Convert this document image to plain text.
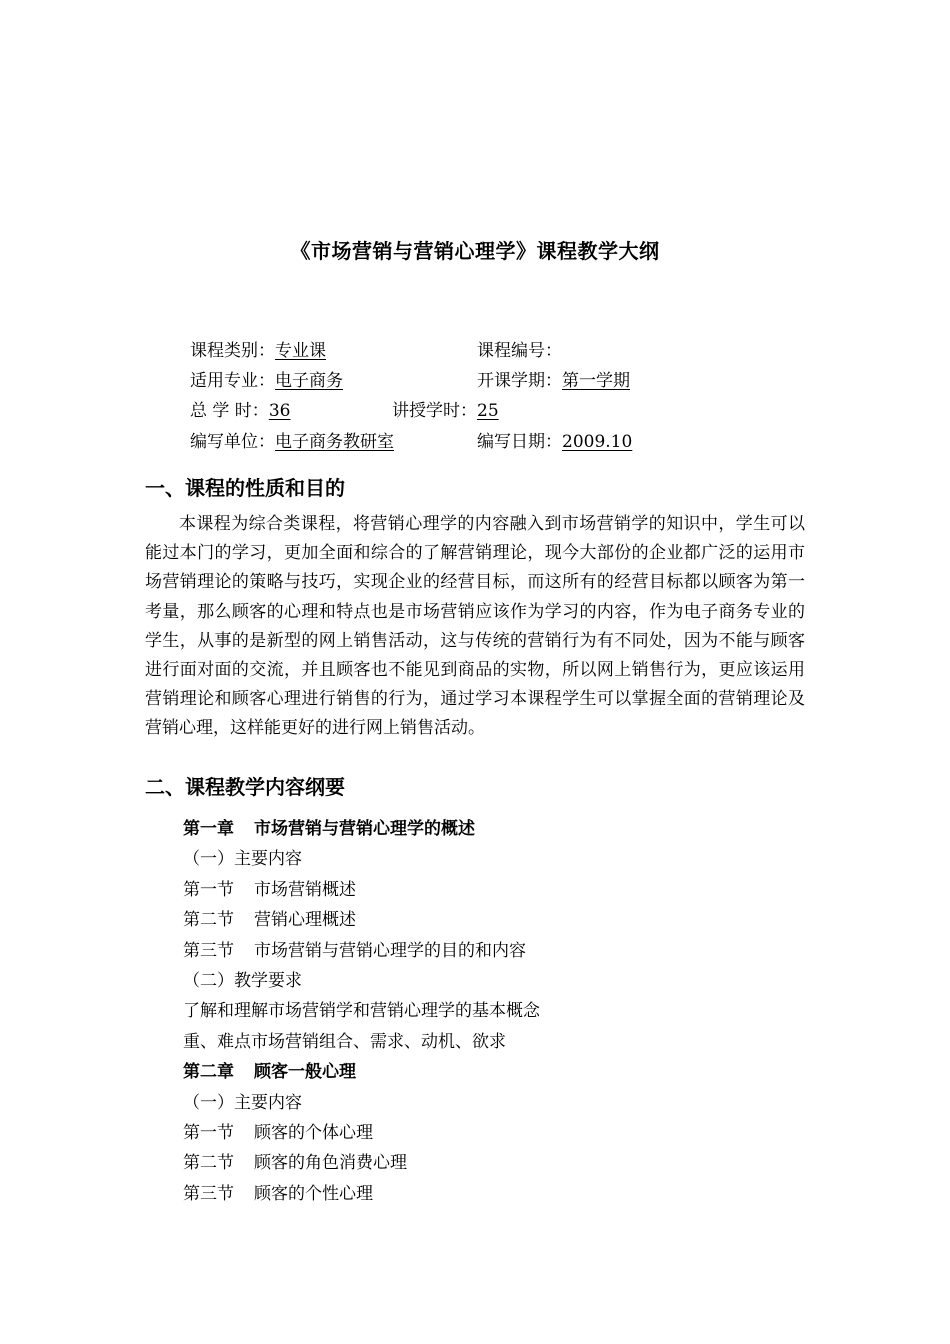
《市场营销与营销心理学》课程教学大纲
课程类别：专业课	课程编号：
适用专业：电子商务	开课学期：第一学期
总 学 时：36	讲授学时：25
编写单位：电子商务教研室	编写日期：2009.10
一、课程的性质和目的
本课程为综合类课程，将营销心理学的内容融入到市场营销学的知识中，学生可以能过本门的学习，更加全面和综合的了解营销理论，现今大部份的企业都广泛的运用市场营销理论的策略与技巧，实现企业的经营目标，而这所有的经营目标都以顾客为第一考量，那么顾客的心理和特点也是市场营销应该作为学习的内容，作为电子商务专业的学生，从事的是新型的网上销售活动，这与传统的营销行为有不同处，因为不能与顾客进行面对面的交流，并且顾客也不能见到商品的实物，所以网上销售行为，更应该运用营销理论和顾客心理进行销售的行为，通过学习本课程学生可以掌握全面的营销理论及营销心理，这样能更好的进行网上销售活动。
二、课程教学内容纲要
第一章 市场营销与营销心理学的概述
（一）主要内容
第一节 市场营销概述
第二节 营销心理概述
第三节 市场营销与营销心理学的目的和内容
（二）教学要求
了解和理解市场营销学和营销心理学的基本概念
重、难点市场营销组合、需求、动机、欲求
第二章 顾客一般心理
（一）主要内容
第一节 顾客的个体心理
第二节 顾客的角色消费心理
第三节 顾客的个性心理
